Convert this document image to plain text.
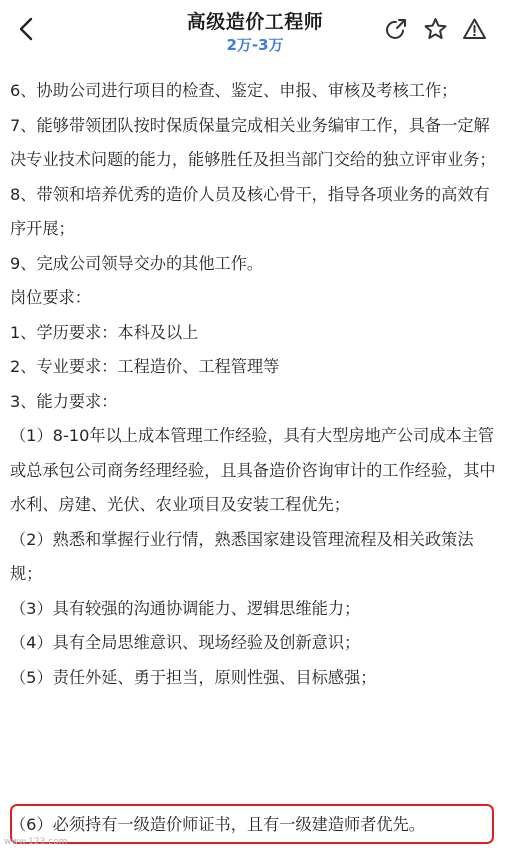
高级造价工程师
2万-3万

6、协助公司进行项目的检查、鉴定、申报、审核及考核工作；

7、能够带领团队按时保质保量完成相关业务编审工作，具备一定解决专业技术问题的能力，能够胜任及担当部门交给的独立评审业务；

8、带领和培养优秀的造价人员及核心骨干，指导各项业务的高效有序开展；

9、完成公司领导交办的其他工作。

岗位要求：

1、学历要求：本科及以上

2、专业要求：工程造价、工程管理等

3、能力要求：

（1）8-10年以上成本管理工作经验，具有大型房地产公司成本主管或总承包公司商务经理经验，且具备造价咨询审计的工作经验，其中水利、房建、光伏、农业项目及安装工程优先；

（2）熟悉和掌握行业行情，熟悉国家建设管理流程及相关政策法规；

（3）具有较强的沟通协调能力、逻辑思维能力；

（4）具有全局思维意识、现场经验及创新意识；

（5）责任外延、勇于担当，原则性强、目标感强；

（6）必须持有一级造价师证书，且有一级建造师者优先。
www.123.com
